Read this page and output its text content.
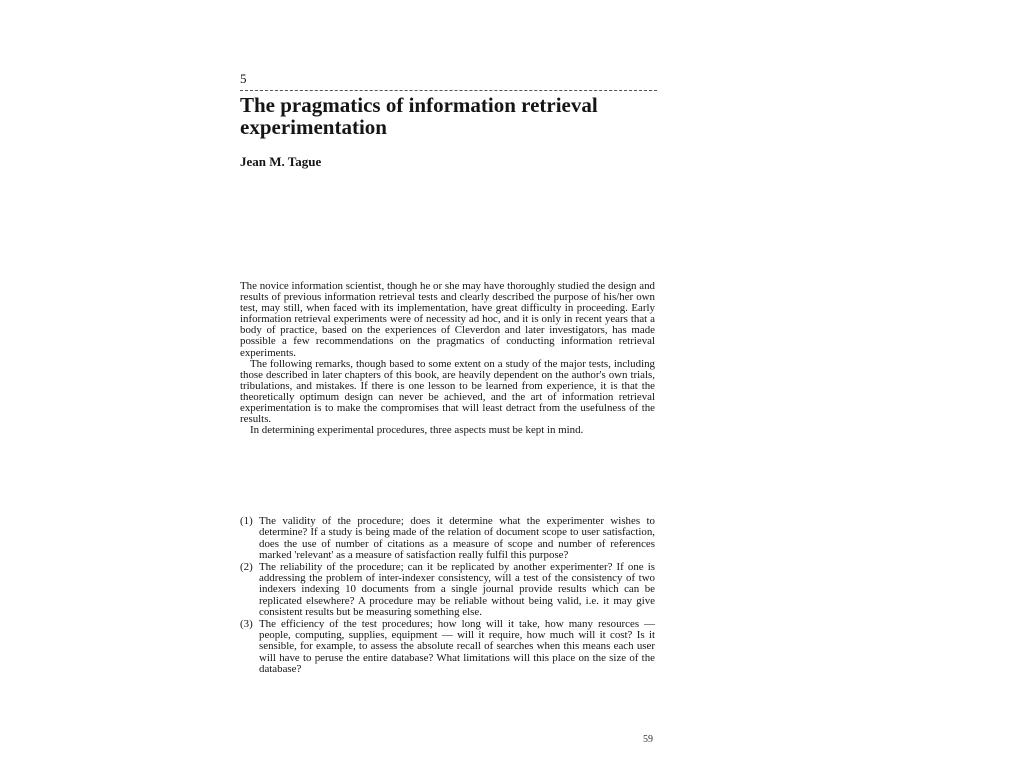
5
The pragmatics of information retrieval experimentation
Jean M. Tague

The novice information scientist, though he or she may have thoroughly studied the design and results of previous information retrieval tests and clearly described the purpose of his/her own test, may still, when faced with its implementation, have great difficulty in proceeding. Early information retrieval experiments were of necessity ad hoc, and it is only in recent years that a body of practice, based on the experiences of Cleverdon and later investigators, has made possible a few recommendations on the pragmatics of conducting information retrieval experiments.

The following remarks, though based to some extent on a study of the major tests, including those described in later chapters of this book, are heavily dependent on the author's own trials, tribulations, and mistakes. If there is one lesson to be learned from experience, it is that the theoretically optimum design can never be achieved, and the art of information retrieval experimentation is to make the compromises that will least detract from the usefulness of the results.

In determining experimental procedures, three aspects must be kept in mind.

(1) The validity of the procedure; does it determine what the experimenter wishes to determine? If a study is being made of the relation of document scope to user satisfaction, does the use of number of citations as a measure of scope and number of references marked 'relevant' as a measure of satisfaction really fulfil this purpose?
(2) The reliability of the procedure; can it be replicated by another experimenter? If one is addressing the problem of inter-indexer consistency, will a test of the consistency of two indexers indexing 10 documents from a single journal provide results which can be replicated elsewhere? A procedure may be reliable without being valid, i.e. it may give consistent results but be measuring something else.
(3) The efficiency of the test procedures; how long will it take, how many resources — people, computing, supplies, equipment — will it require, how much will it cost? Is it sensible, for example, to assess the absolute recall of searches when this means each user will have to peruse the entire database? What limitations will this place on the size of the database?
59
